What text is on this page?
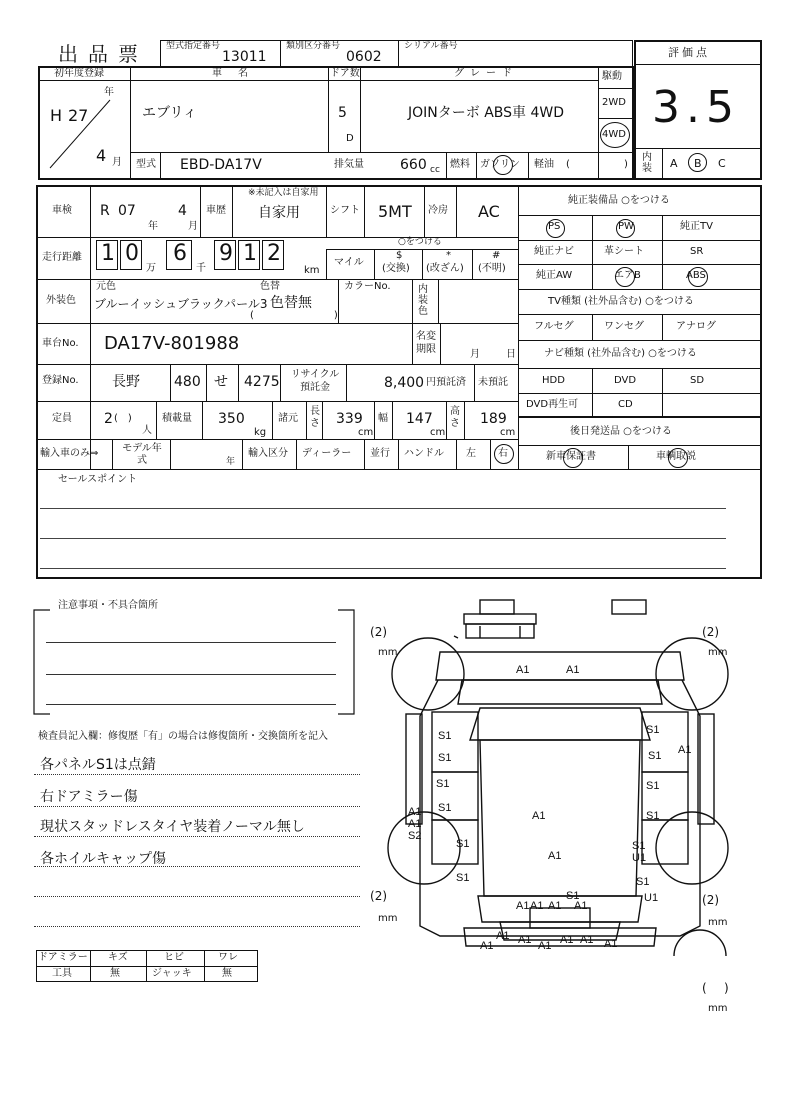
出品票 型式指定番号
13011
類別区分番号
0602
シリアル番号	評価点
3.5
内装	A B C
初年度登録
H 27
年
4 月
車名
エブリィ
ドア数
5
D
グレード
JOINターボ ABS車 4WD
駆動
2WD
4WD
型式 EBD-DA17V	排気量	660 cc 燃料 ガソリン 軽油 (	)
車検 R 07
年
4
月
車歴
※未記入は自家用
自家用	シフト 5MT 冷房 AC
走行距離 1 0
万
6
千
9 1 2
km
○をつける
マイル
$
(交換)
*
(改ざん)
#
(不明)
外装色
元色
ブルーイッシュブラックパール3
色替
色替無
(　　　　　　　　)
カラーNo.	内装色
車台No. DA17V-801988	名変期限	月	日
登録No. 長野 480 せ 4275	リサイクル預託金	8,400 円預託済 未預託
定員 2 (　)
人
積載量 350
kg
諸元
長さ 339
cm
幅 147
cm
高さ 189
cm
輸入車のみ⇒	モデル年式	年
輸入区分 ディーラー 並行 ハンドル 左 右
セールスポイント
純正装備品 ○をつける
PS	PW	純正TV
純正ナビ	革シート	SR
純正AW	エアB	ABS
TV種類 (社外品含む) ○をつける
フルセグ	ワンセグ	アナログ
ナビ種類 (社外品含む) ○をつける
HDD	DVD	SD
DVD再生可	CD
後日発送品 ○をつける
新車保証書	車輌取説
注意事項・不具合箇所
検査員記入欄：修復歴「有」の場合は修復箇所・交換箇所を記入
各パネルS1は点錆
右ドアミラー傷
現状スタッドレスタイヤ装着ノーマル無し
各ホイルキャップ傷
ドアミラー キズ	ヒビ	ワレ
工具	無	ジャッキ	無
(2)
mm
(2)
mm
(2)
mm
(2)
mm
( )
mm
A1	A1
S1
S1
A1
S1
S1
A1
S1
S1
A1
A1
S2
S1
S1
A1
A1
S1
U1
S1
S1
U1
S1
A1 A1
S1
A1 A1
A1	A1 A1 A1 A1
A1
